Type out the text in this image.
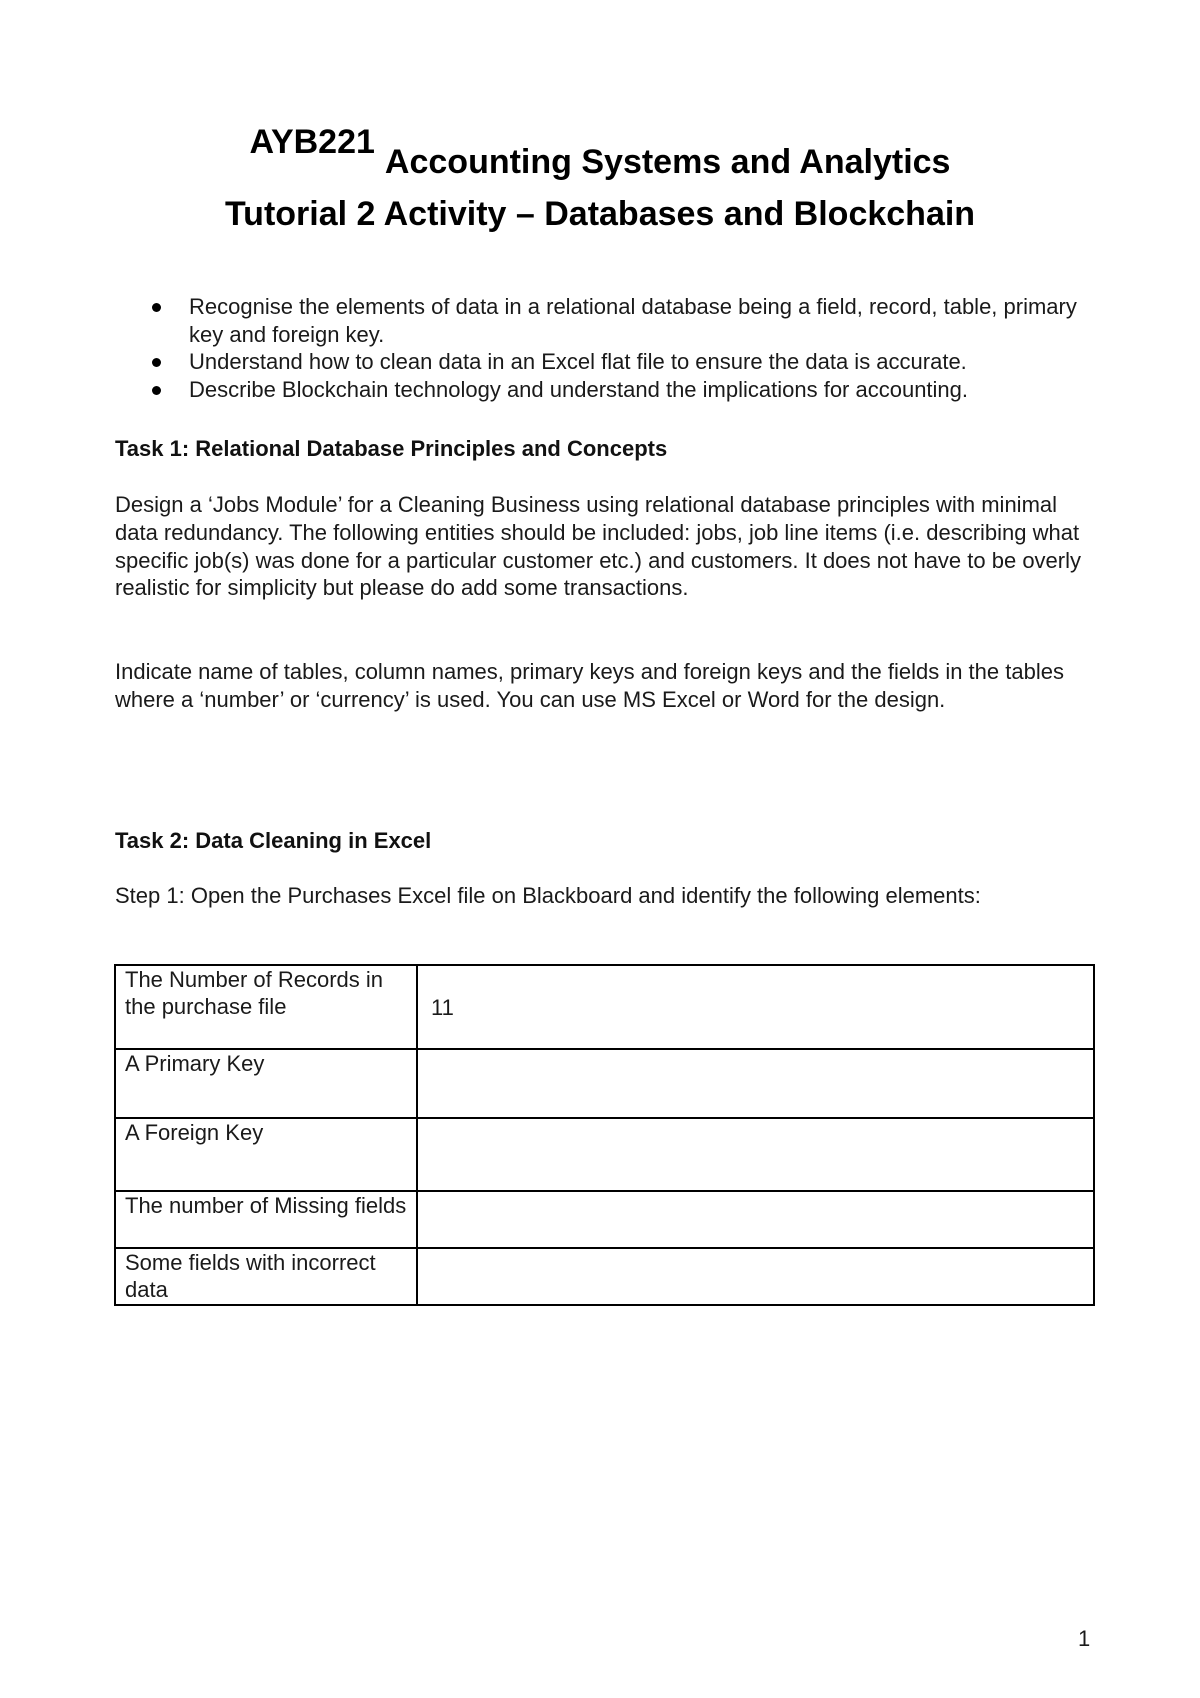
AYB221Accounting Systems and Analytics
Tutorial 2 Activity – Databases and Blockchain
Recognise the elements of data in a relational database being a field, record, table, primary key and foreign key.
Understand how to clean data in an Excel flat file to ensure the data is accurate.
Describe Blockchain technology and understand the implications for accounting.
Task 1: Relational Database Principles and Concepts

Design a ‘Jobs Module’ for a Cleaning Business using relational database principles with minimal data redundancy. The following entities should be included: jobs, job line items (i.e. describing what specific job(s) was done for a particular customer etc.) and customers. It does not have to be overly realistic for simplicity but please do add some transactions.

Indicate name of tables, column names, primary keys and foreign keys and the fields in the tables where a ‘number’ or ‘currency’ is used. You can use MS Excel or Word for the design.

Task 2: Data Cleaning in Excel

Step 1: Open the Purchases Excel file on Blackboard and identify the following elements:

The Number of Records in the purchase file	11
A Primary Key	
A Foreign Key	
The number of Missing fields	
Some fields with incorrect data	
1
